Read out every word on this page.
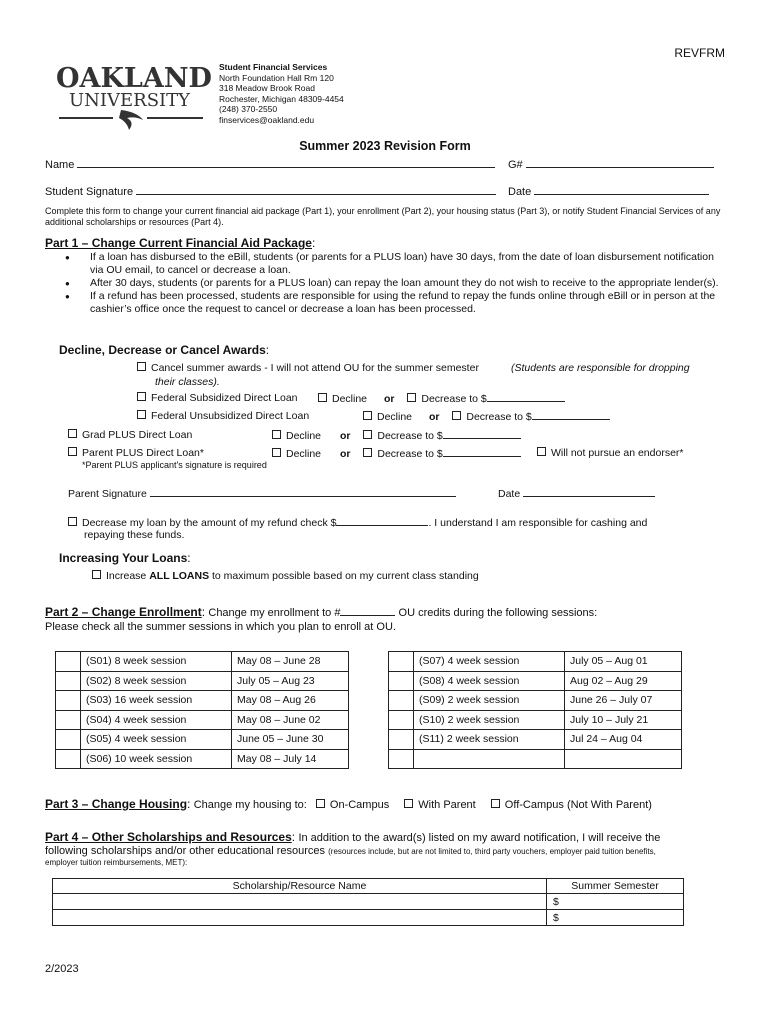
REVFRM
OAKLAND
UNIVERSITY
Student Financial Services
North Foundation Hall Rm 120
318 Meadow Brook Road
Rochester, Michigan 48309-4454
(248) 370-2550
finservices@oakland.edu
Summer 2023 Revision Form
Name	G#
Student Signature	Date
Complete this form to change your current financial aid package (Part 1), your enrollment (Part 2), your housing status (Part 3), or notify Student Financial Services of any additional scholarships or resources (Part 4).
Part 1 – Change Current Financial Aid Package:
● If a loan has disbursed to the eBill, students (or parents for a PLUS loan) have 30 days, from the date of loan disbursement notification via OU email, to cancel or decrease a loan.
● After 30 days, students (or parents for a PLUS loan) can repay the loan amount they do not wish to receive to the appropriate lender(s).
● If a refund has been processed, students are responsible for using the refund to repay the funds online through eBill or in person at the cashier’s office once the request to cancel or decrease a loan has been processed.
Decline, Decrease or Cancel Awards:
Cancel summer awards - I will not attend OU for the summer semester	(Students are responsible for dropping
their classes).
Federal Subsidized Direct Loan	Decline or	Decrease to $
Federal Unsubsidized Direct Loan	Decline or	Decrease to $
Grad PLUS Direct Loan	Decline or	Decrease to $
Parent PLUS Direct Loan*	Decline or	Decrease to $	Will not pursue an endorser*
*Parent PLUS applicant's signature is required
Parent Signature	Date
Decrease my loan by the amount of my refund check $	. I understand I am responsible for cashing and
repaying these funds.
Increasing Your Loans:
Increase ALL LOANS to maximum possible based on my current class standing
Part 2 – Change Enrollment: Change my enrollment to #	OU credits during the following sessions:
Please check all the summer sessions in which you plan to enroll at OU.
	(S01) 8 week session	May 08 – June 28
	(S02) 8 week session	July 05 – Aug 23
	(S03) 16 week session	May 08 – Aug 26
	(S04) 4 week session	May 08 – June 02
	(S05) 4 week session	June 05 – June 30
	(S06) 10 week session	May 08 – July 14
	(S07) 4 week session	July 05 – Aug 01
	(S08) 4 week session	Aug 02 – Aug 29
	(S09) 2 week session	June 26 – July 07
	(S10) 2 week session	July 10 – July 21
	(S11) 2 week session	Jul 24 – Aug 04

Part 3 – Change Housing: Change my housing to: On-Campus	With Parent	Off-Campus (Not With Parent)
Part 4 – Other Scholarships and Resources: In addition to the award(s) listed on my award notification, I will receive the
following scholarships and/or other educational resources (resources include, but are not limited to, third party vouchers, employer paid tuition benefits,
employer tuition reimbursements, MET):
Scholarship/Resource Name	Summer Semester
	$
	$
2/2023
